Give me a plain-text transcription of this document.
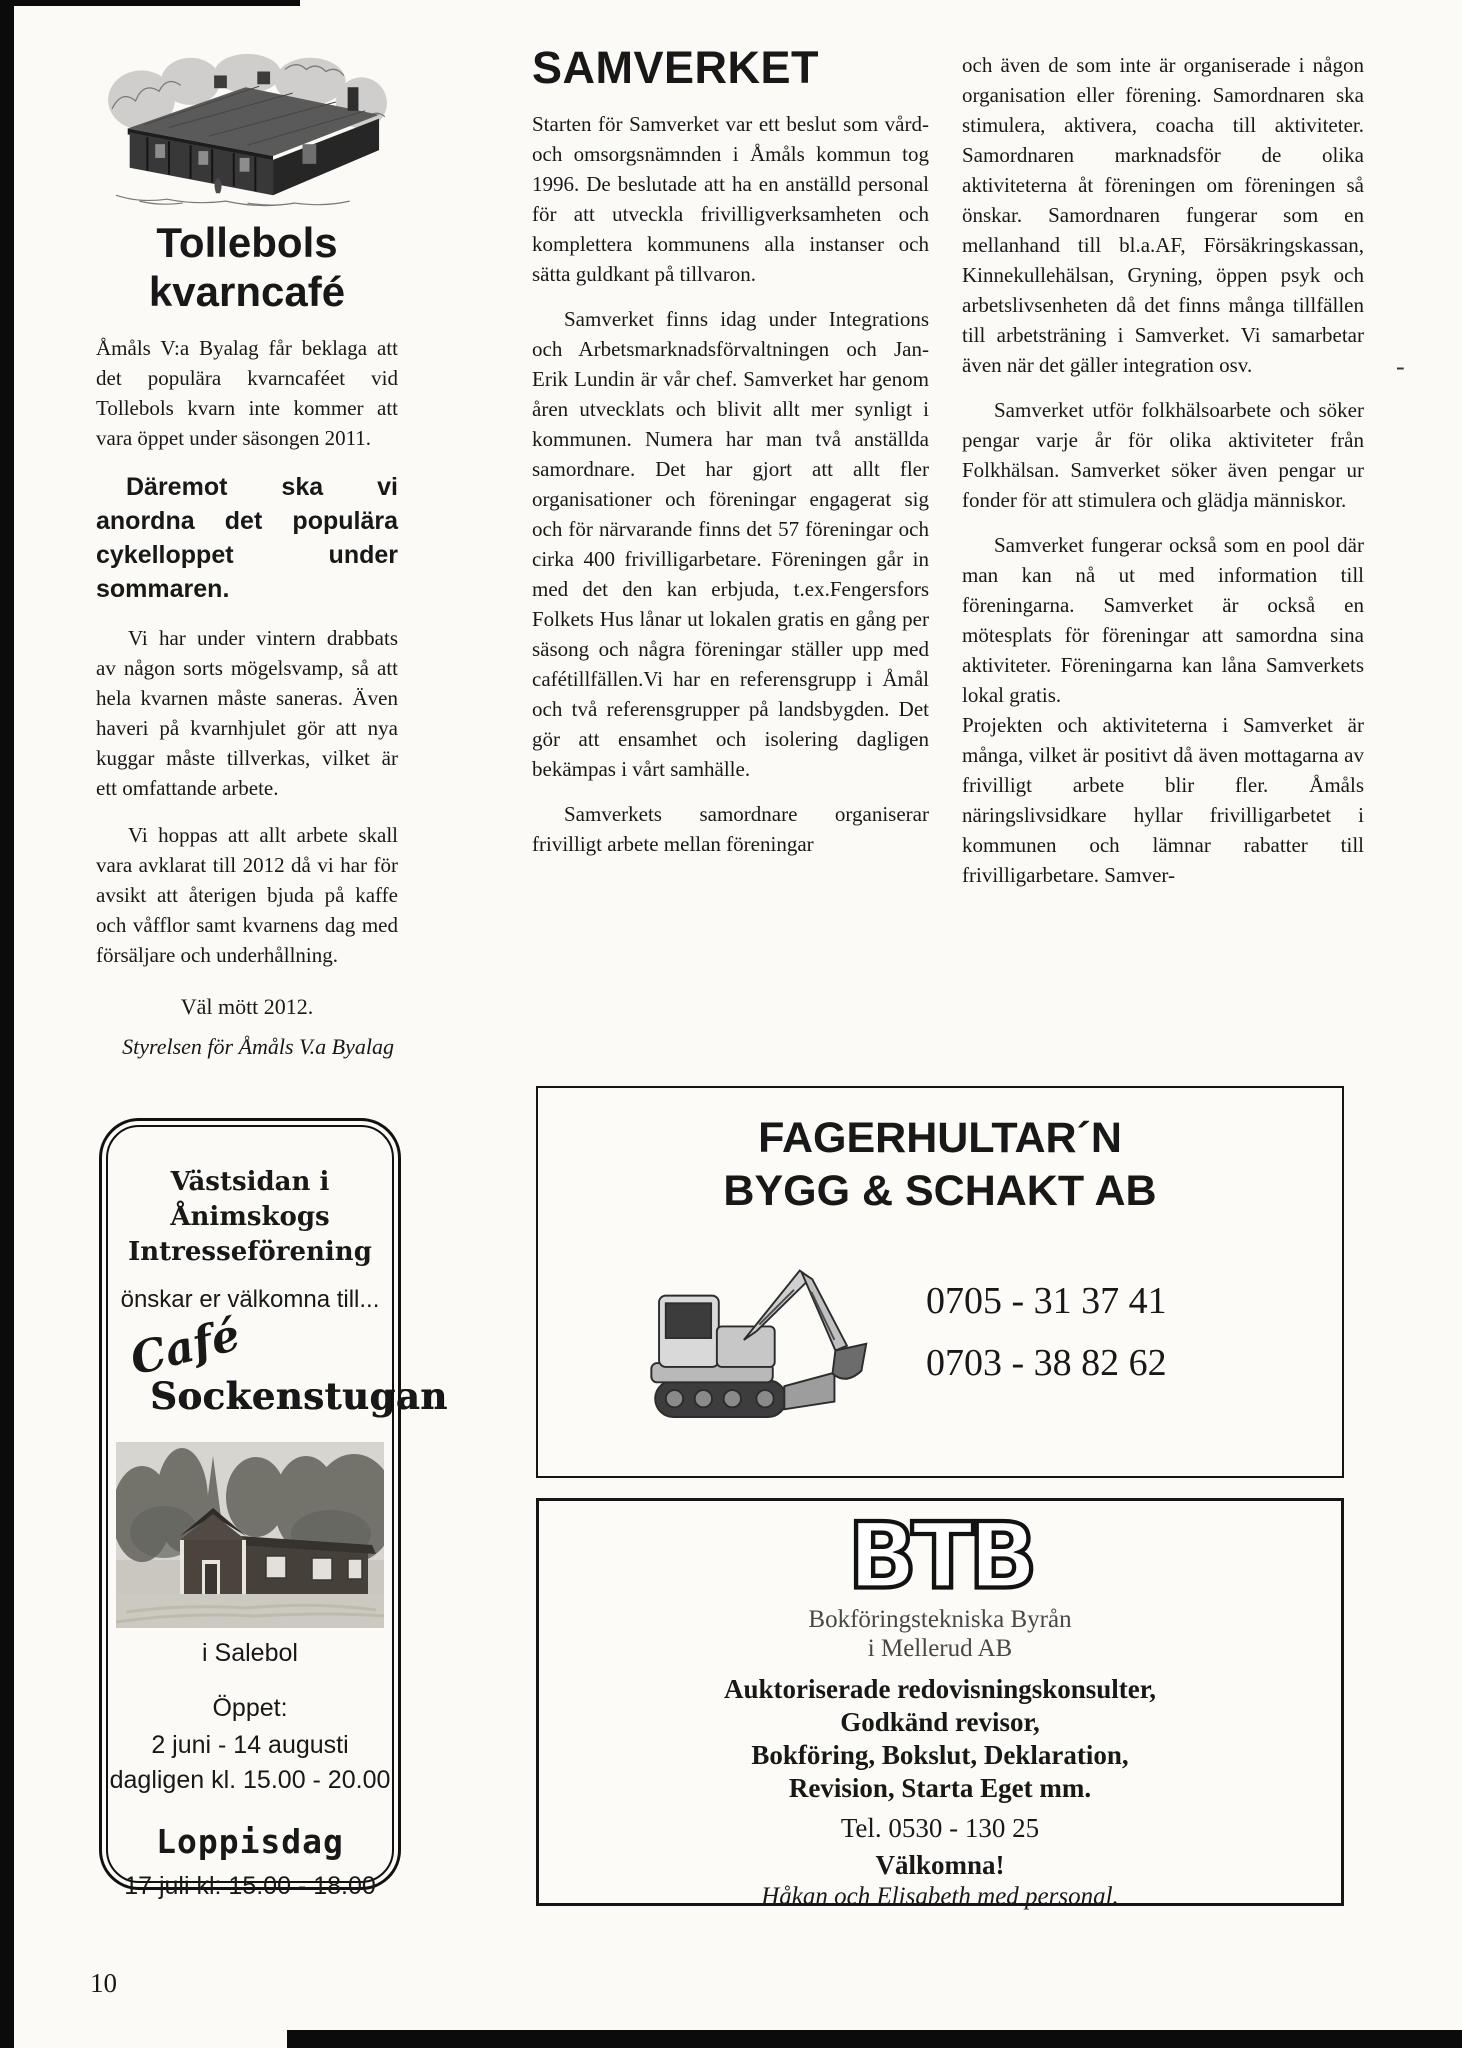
-
Tollebols
kvarncafé

Åmåls V:a Byalag får beklaga att det populära kvarncaféet vid Tollebols kvarn inte kommer att vara öppet under säsongen 2011.

Däremot ska vi anordna det populära cykelloppet under sommaren.

Vi har under vintern drabbats av någon sorts mögelsvamp, så att hela kvarnen måste saneras. Även haveri på kvarnhjulet gör att nya kuggar måste tillverkas, vilket är ett omfattande arbete.

Vi hoppas att allt arbete skall vara avklarat till 2012 då vi har för avsikt att återigen bjuda på kaffe och våfflor samt kvarnens dag med försäljare och underhållning.

Väl mött 2012.
Styrelsen för Åmåls V.a Byalag
Västsidan i Ånimskogs
Intresseförening
önskar er välkomna till...
Café
Sockenstugan
i Salebol
Öppet:
2 juni - 14 augusti
dagligen kl. 15.00 - 20.00
Loppisdag
17 juli kl: 15.00 - 18.00
10
SAMVERKET

Starten för Samverket var ett beslut som vård- och omsorgsnämnden i Åmåls kommun tog 1996. De beslutade att ha en anställd personal för att utveckla frivilligverksamheten och komplettera kommunens alla instanser och sätta guldkant på tillvaron.

Samverket finns idag under Integrations och Arbetsmarknadsförvaltningen och Jan-Erik Lundin är vår chef. Samverket har genom åren utvecklats och blivit allt mer synligt i kommunen. Numera har man två anställda samordnare. Det har gjort att allt fler organisationer och föreningar engagerat sig och för närvarande finns det 57 föreningar och cirka 400 frivilligarbetare. Föreningen går in med det den kan erbjuda, t.ex.Fengersfors Folkets Hus lånar ut lokalen gratis en gång per säsong och några föreningar ställer upp med cafétillfällen.Vi har en referensgrupp i Åmål och två referensgrupper på landsbygden. Det gör att ensamhet och isolering dagligen bekämpas i vårt samhälle.

Samverkets samordnare organiserar frivilligt arbete mellan föreningar

och även de som inte är organiserade i någon organisation eller förening. Samordnaren ska stimulera, aktivera, coacha till aktiviteter. Samordnaren marknadsför de olika aktiviteterna åt föreningen om föreningen så önskar. Samordnaren fungerar som en mellanhand till bl.a.AF, Försäkringskassan, Kinnekullehälsan, Gryning, öppen psyk och arbetslivsenheten då det finns många tillfällen till arbetsträning i Samverket. Vi samarbetar även när det gäller integration osv.

Samverket utför folkhälsoarbete och söker pengar varje år för olika aktiviteter från Folkhälsan. Samverket söker även pengar ur fonder för att stimulera och glädja människor.

Samverket fungerar också som en pool där man kan nå ut med information till föreningarna. Samverket är också en mötesplats för föreningar att samordna sina aktiviteter. Föreningarna kan låna Samverkets lokal gratis.

Projekten och aktiviteterna i Samverket är många, vilket är positivt då även mottagarna av frivilligt arbete blir fler. Åmåls näringslivsidkare hyllar frivilligarbetet i kommunen och lämnar rabatter till frivilligarbetare. Samver-

FAGERHULTAR´N
BYGG & SCHAKT AB
0705 - 31 37 41
0703 - 38 82 62
BTB
Bokföringstekniska Byrån
i Mellerud AB
Auktoriserade redovisningskonsulter,
Godkänd revisor,
Bokföring, Bokslut, Deklaration,
Revision, Starta Eget mm.
Tel. 0530 - 130 25
Välkomna!
Håkan och Elisabeth med personal.
